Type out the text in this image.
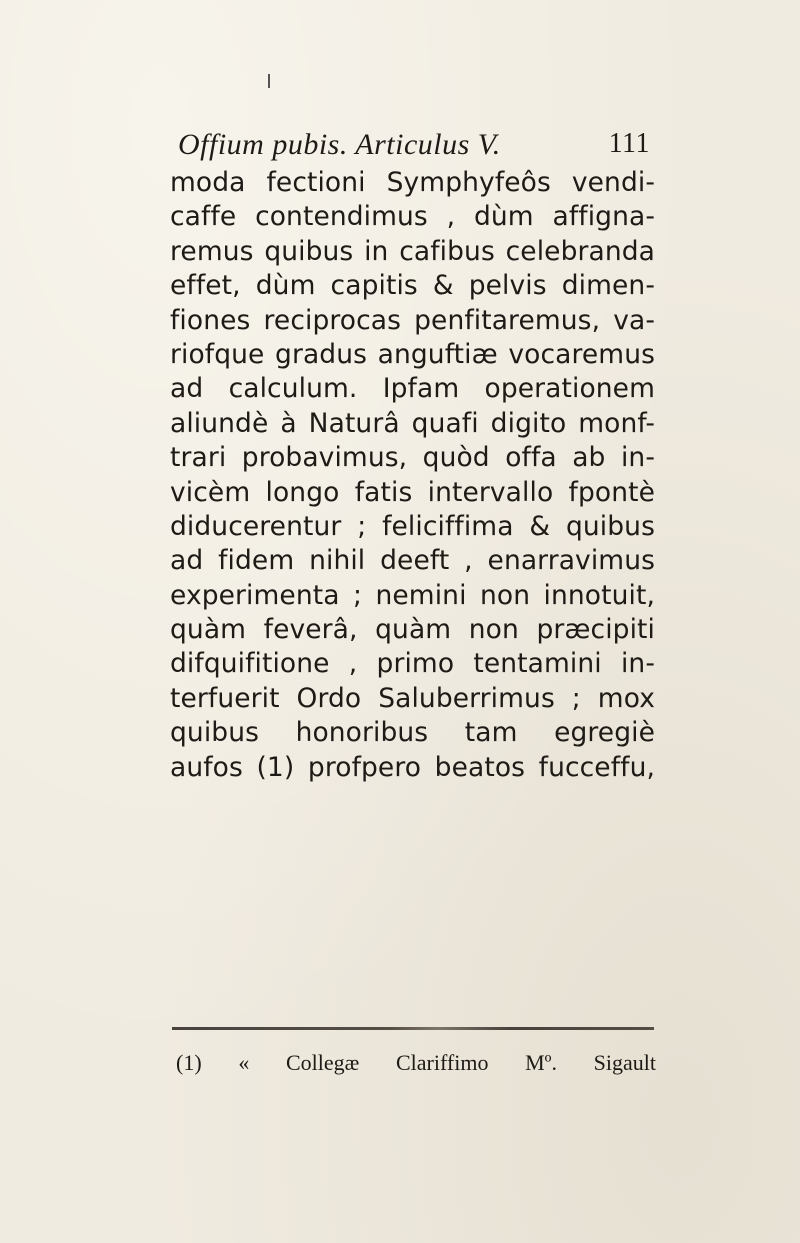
Offium pubis. Articulus V.	111
moda fectioni Symphyfeôs vendi-
caffe contendimus , dùm affigna-
remus quibus in cafibus celebranda
effet, dùm capitis & pelvis dimen-
fiones reciprocas penfitaremus, va-
riofque gradus anguftiæ vocaremus
ad calculum. Ipfam operationem
aliundè à Naturâ quafi digito monf-
trari probavimus, quòd offa ab in-
vicèm longo fatis intervallo fpontè
diducerentur ; feliciffima & quibus
ad fidem nihil deeft , enarravimus
experimenta ; nemini non innotuit,
quàm feverâ, quàm non præcipiti
difquifitione , primo tentamini in-
terfuerit Ordo Saluberrimus ; mox
quibus honoribus tam egregiè
aufos (1) profpero beatos fucceffu,
(1) « Collegæ Clariffimo Mº. Sigault
